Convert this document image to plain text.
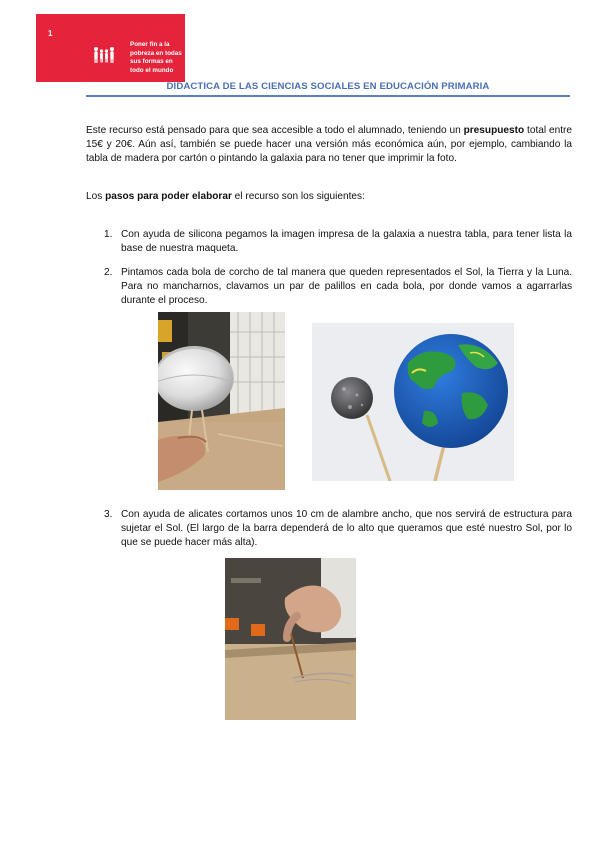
1
Poner fin a la
pobreza en todas
sus formas en
todo el mundo
DIDACTICA DE LAS CIENCIAS SOCIALES EN EDUCACIÓN PRIMARIA

Este recurso está pensado para que sea accesible a todo el alumnado, teniendo un presupuesto total entre 15€ y 20€. Aún así, también se puede hacer una versión más económica aún, por ejemplo, cambiando la tabla de madera por cartón o pintando la galaxia para no tener que imprimir la foto.

Los pasos para poder elaborar el recurso son los siguientes:

1. Con ayuda de silicona pegamos la imagen impresa de la galaxia a nuestra tabla, para tener lista la base de nuestra maqueta.
2. Pintamos cada bola de corcho de tal manera que queden representados el Sol, la Tierra y la Luna. Para no mancharnos, clavamos un par de palillos en cada bola, por donde vamos a agarrarlas durante el proceso.
3. Con ayuda de alicates cortamos unos 10 cm de alambre ancho, que nos servirá de estructura para sujetar el Sol. (El largo de la barra dependerá de lo alto que queramos que esté nuestro Sol, por lo que se puede hacer más alta).
